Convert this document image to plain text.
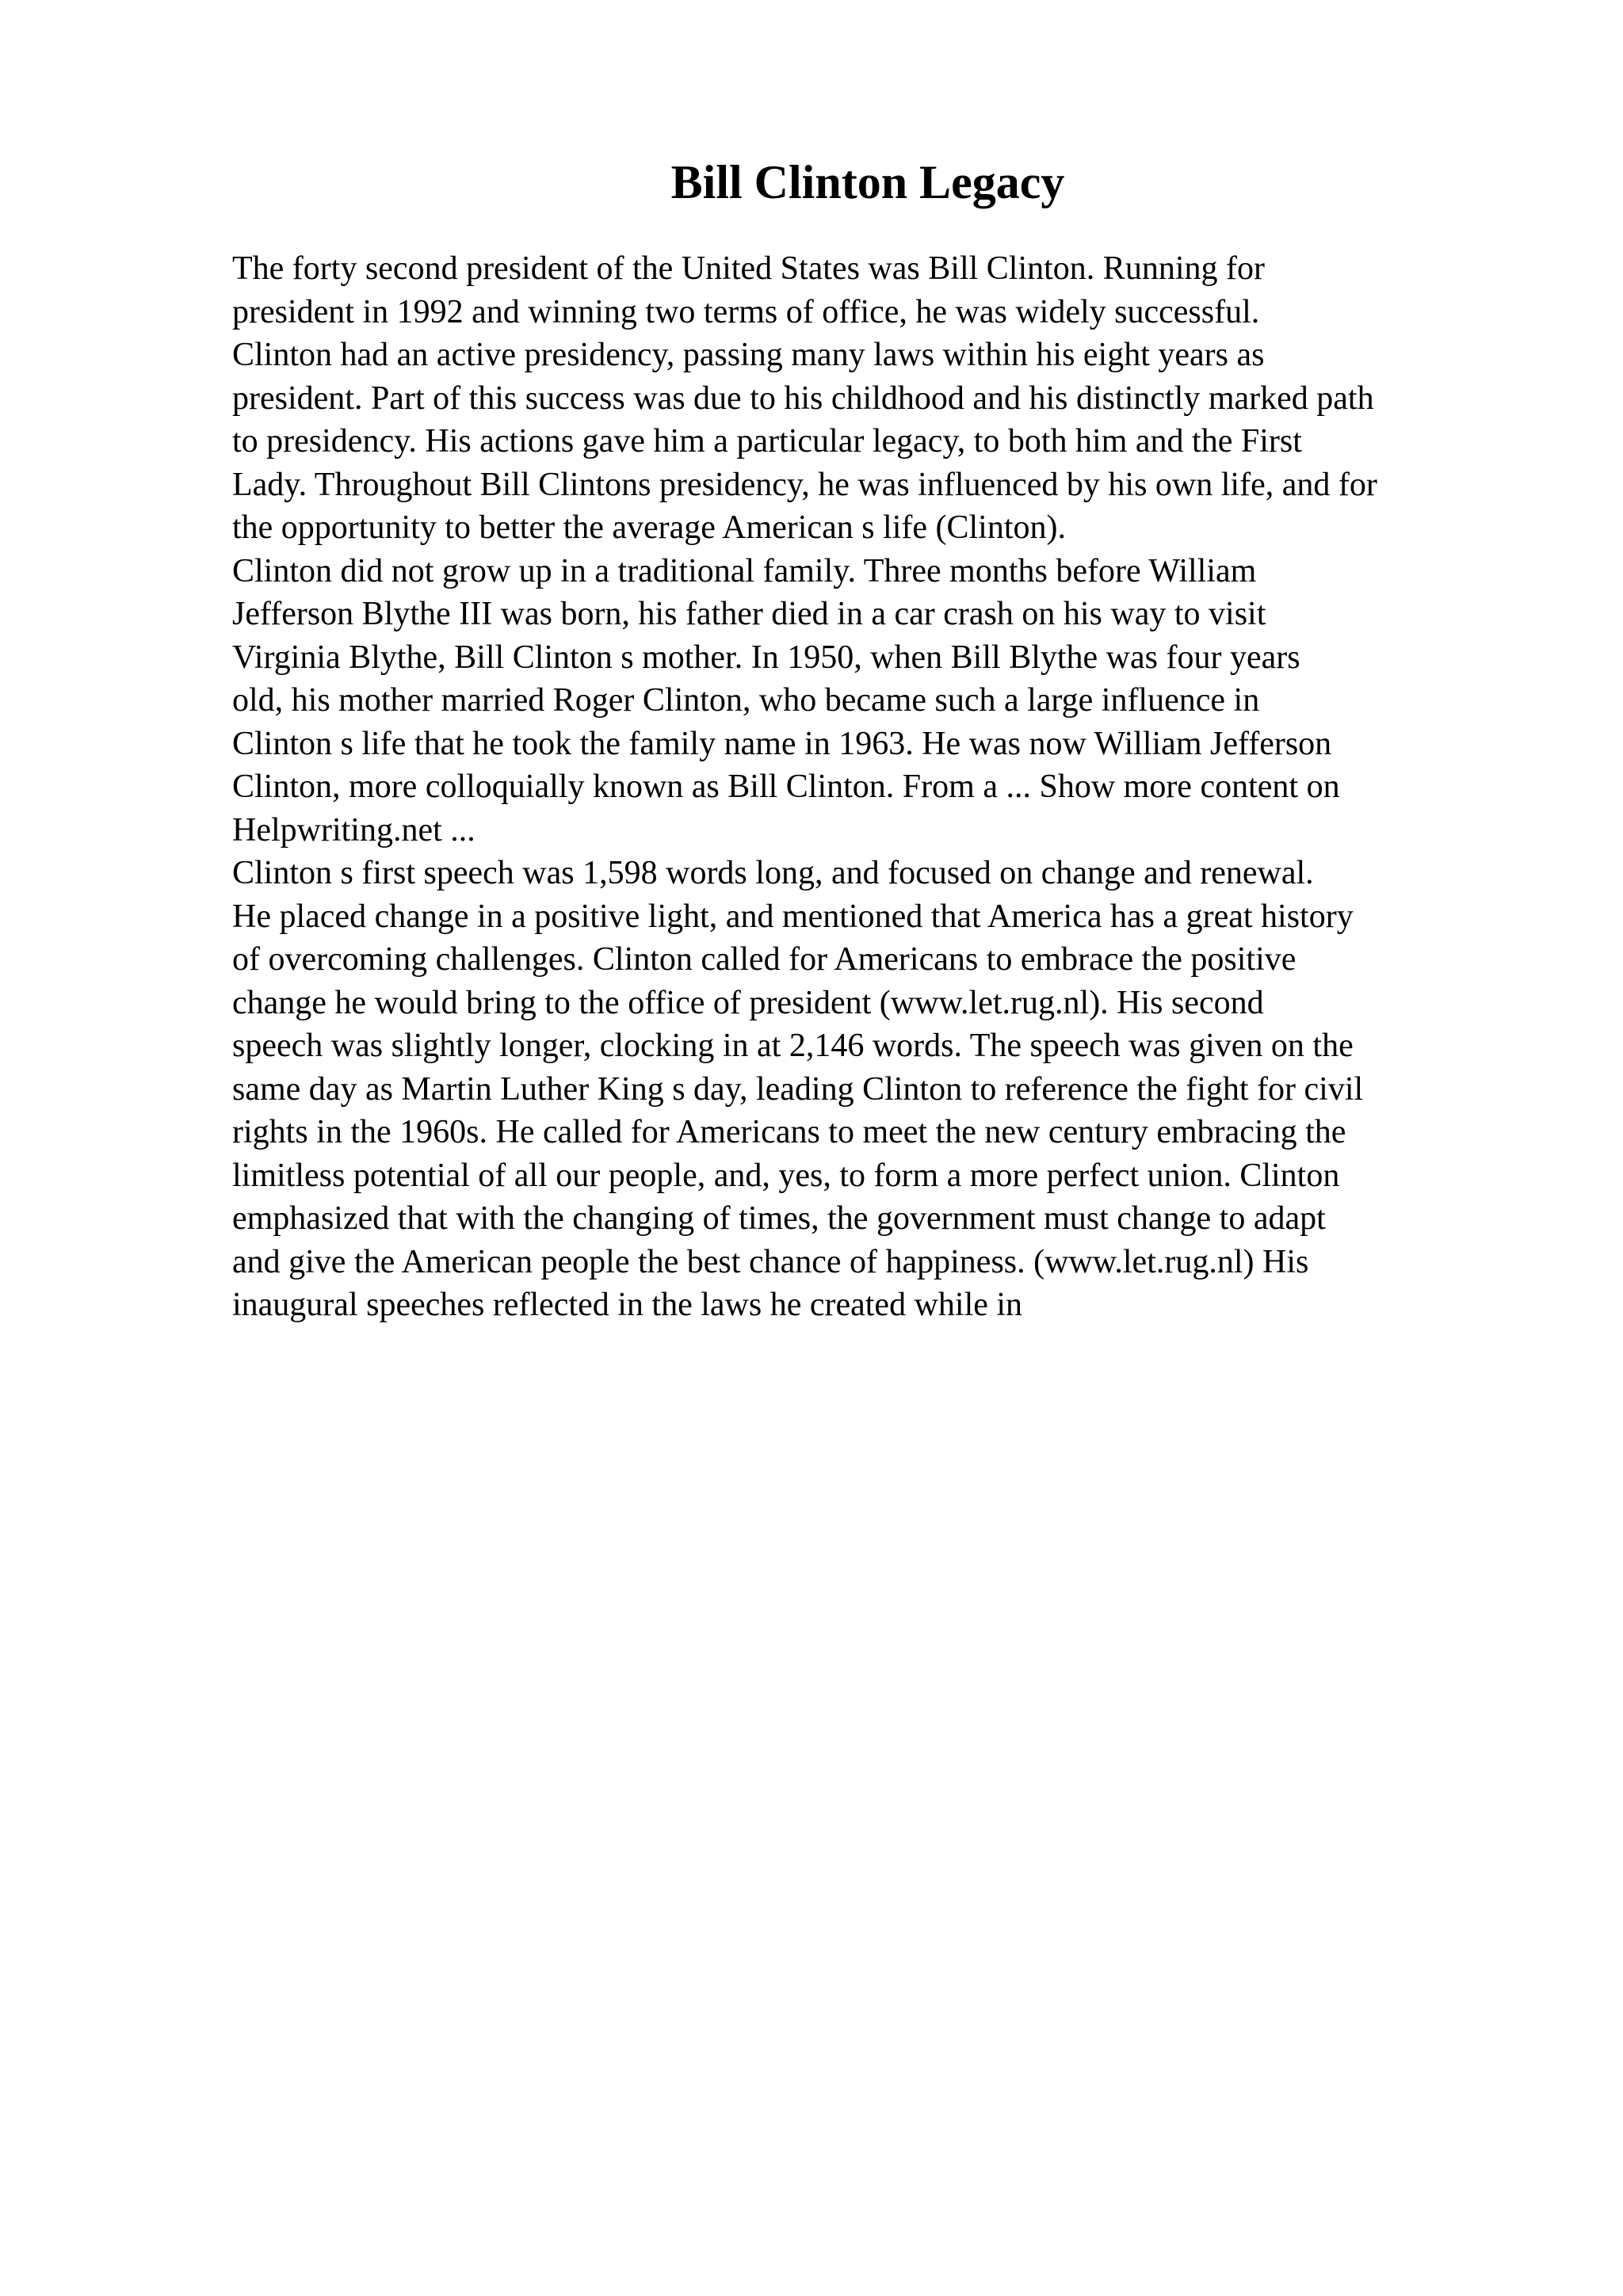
Bill Clinton Legacy
The forty second president of the United States was Bill Clinton. Running for
president in 1992 and winning two terms of office, he was widely successful.
Clinton had an active presidency, passing many laws within his eight years as
president. Part of this success was due to his childhood and his distinctly marked path
to presidency. His actions gave him a particular legacy, to both him and the First
Lady. Throughout Bill Clintons presidency, he was influenced by his own life, and for
the opportunity to better the average American s life (Clinton).
Clinton did not grow up in a traditional family. Three months before William
Jefferson Blythe III was born, his father died in a car crash on his way to visit
Virginia Blythe, Bill Clinton s mother. In 1950, when Bill Blythe was four years
old, his mother married Roger Clinton, who became such a large influence in
Clinton s life that he took the family name in 1963. He was now William Jefferson
Clinton, more colloquially known as Bill Clinton. From a ... Show more content on
Helpwriting.net ...
Clinton s first speech was 1,598 words long, and focused on change and renewal.
He placed change in a positive light, and mentioned that America has a great history
of overcoming challenges. Clinton called for Americans to embrace the positive
change he would bring to the office of president (www.let.rug.nl). His second
speech was slightly longer, clocking in at 2,146 words. The speech was given on the
same day as Martin Luther King s day, leading Clinton to reference the fight for civil
rights in the 1960s. He called for Americans to meet the new century embracing the
limitless potential of all our people, and, yes, to form a more perfect union. Clinton
emphasized that with the changing of times, the government must change to adapt
and give the American people the best chance of happiness. (www.let.rug.nl) His
inaugural speeches reflected in the laws he created while in
